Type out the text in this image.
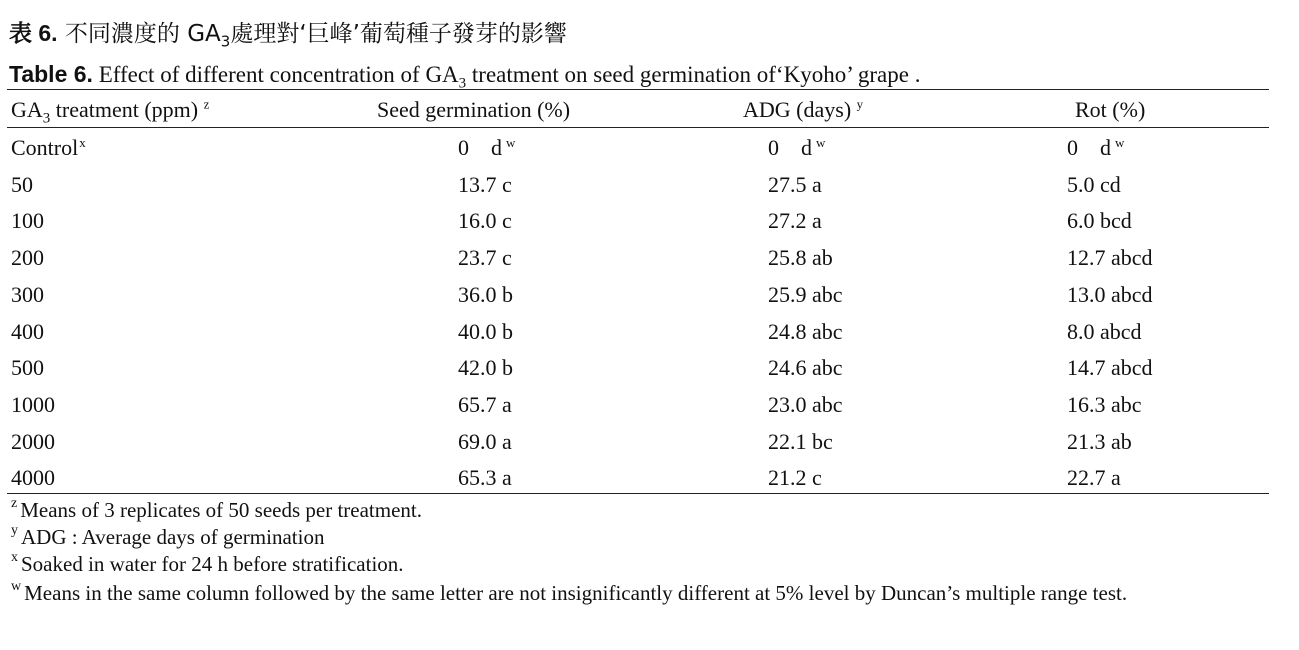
表 6. 不同濃度的 $GA_3$處理對‘巨峰’葡萄種子發芽的影響
Table 6. Effect of different concentration of $GA_3$ treatment on seed germination of‘Kyoho’ grape .
$GA_3$ treatment (ppm) $^z$	Seed germination (%)	ADG (days) $^y$	Rot (%)
Control$^x$	0    d $^w$	0    d $^w$	0    d $^w$
50	13.7 c	27.5 a	5.0 cd
100	16.0 c	27.2 a	6.0 bcd
200	23.7 c	25.8 ab	12.7 abcd
300	36.0 b	25.9 abc	13.0 abcd
400	40.0 b	24.8 abc	8.0 abcd
500	42.0 b	24.6 abc	14.7 abcd
1000	65.7 a	23.0 abc	16.3 abc
2000	69.0 a	22.1 bc	21.3 ab
4000	65.3 a	21.2 c	22.7 a
$^z$ Means of 3 replicates of 50 seeds per treatment.
$^y$ ADG : Average days of germination
$^x$ Soaked in water for 24 h before stratification.
$^w$ Means in the same column followed by the same letter are not insignificantly different at 5% level by Duncan’s multiple range test.
